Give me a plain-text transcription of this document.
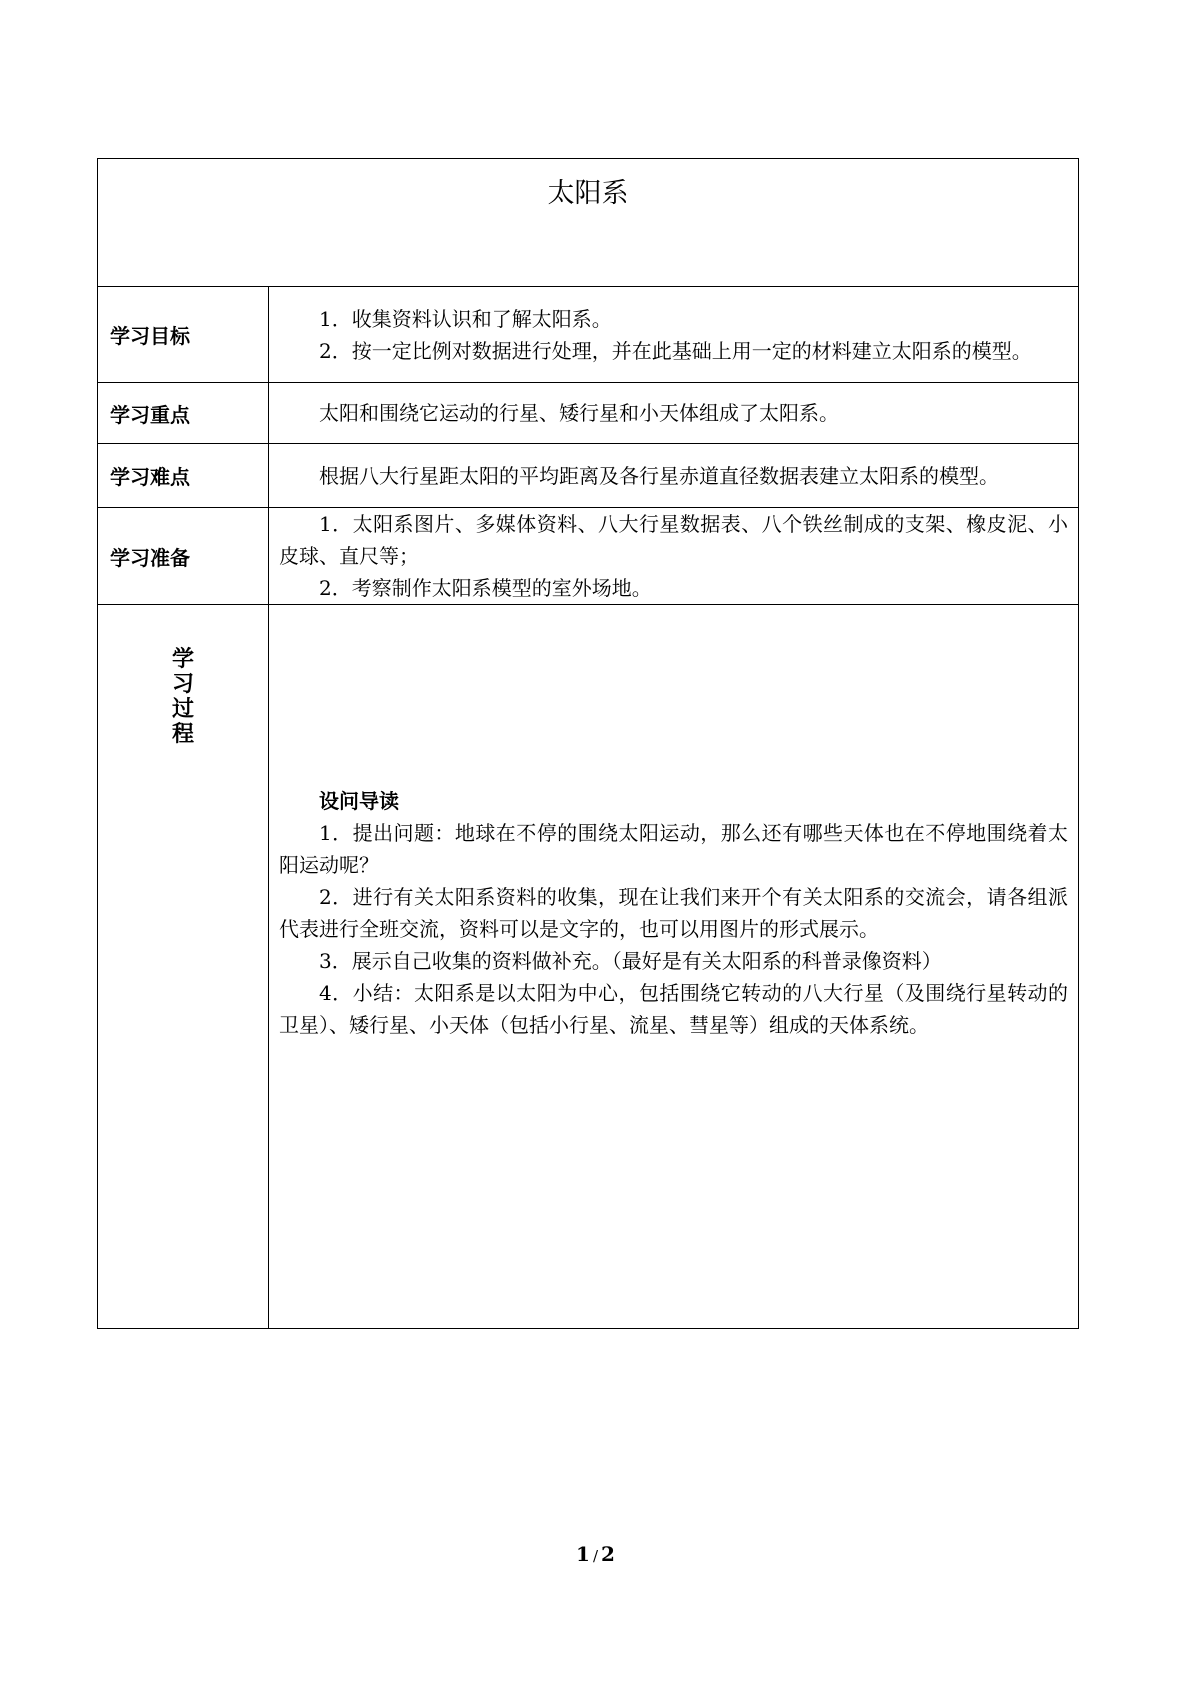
太阳系	

学习目标	1．收集资料认识和了解太阳系。

2．按一定比例对数据进行处理，并在此基础上用一定的材料建立太阳系的模型。

学习重点	太阳和围绕它运动的行星、矮行星和小天体组成了太阳系。

学习难点	根据八大行星距太阳的平均距离及各行星赤道直径数据表建立太阳系的模型。

学习准备	1．太阳系图片、多媒体资料、八大行星数据表、八个铁丝制成的支架、橡皮泥、小皮球、直尺等；

2．考察制作太阳系模型的室外场地。

学习过程	设问导读

1．提出问题：地球在不停的围绕太阳运动，那么还有哪些天体也在不停地围绕着太阳运动呢？

2．进行有关太阳系资料的收集，现在让我们来开个有关太阳系的交流会，请各组派代表进行全班交流，资料可以是文字的，也可以用图片的形式展示。

3．展示自己收集的资料做补充。（最好是有关太阳系的科普录像资料）

4．小结：太阳系是以太阳为中心，包括围绕它转动的八大行星（及围绕行星转动的卫星）、矮行星、小天体（包括小行星、流星、彗星等）组成的天体系统。

1 / 2
